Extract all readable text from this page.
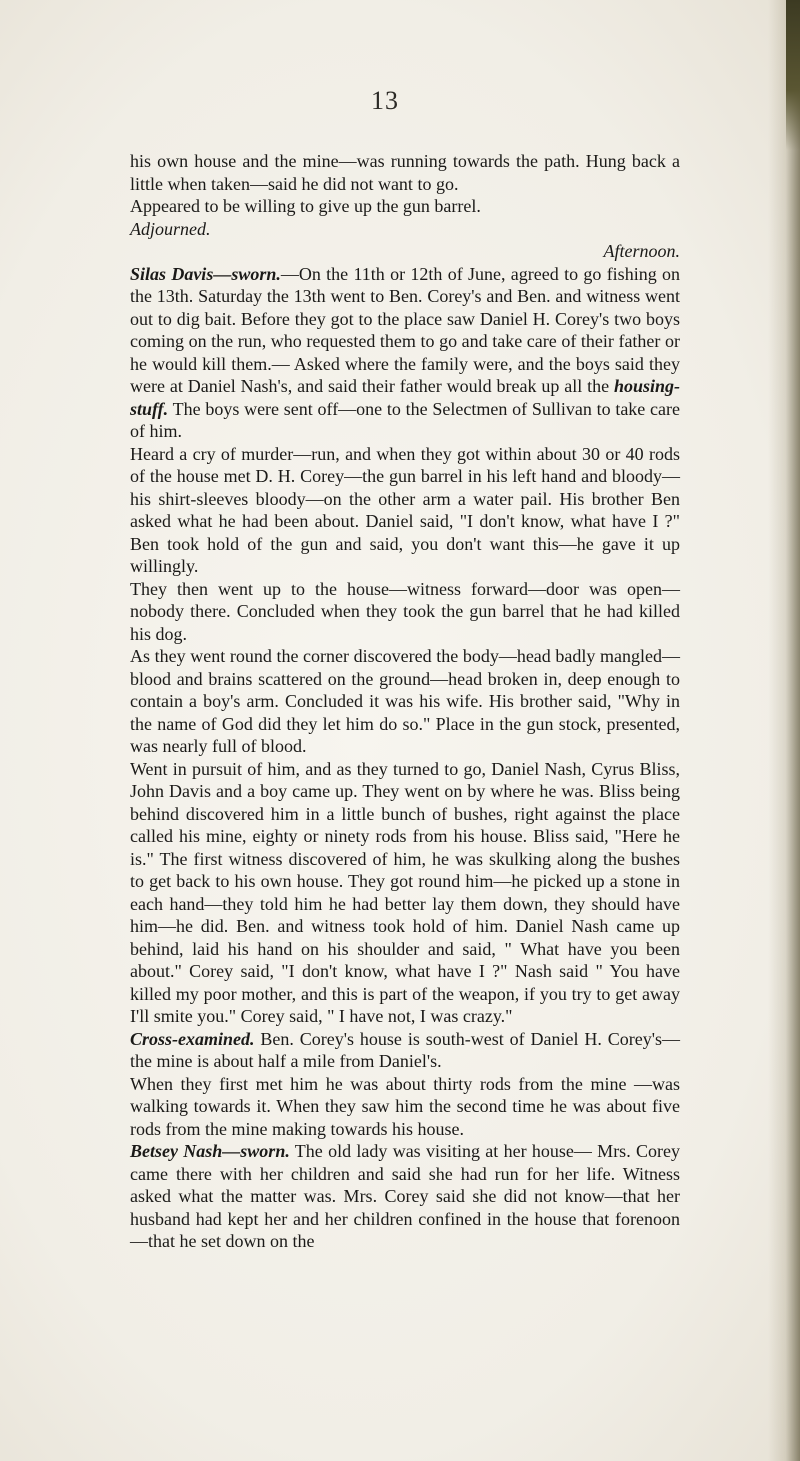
13

his own house and the mine—was running towards the path. Hung back a little when taken—said he did not want to go.

Appeared to be willing to give up the gun barrel.

Adjourned.

Afternoon.

Silas Davis—sworn.—On the 11th or 12th of June, agreed to go fishing on the 13th. Saturday the 13th went to Ben. Corey's and Ben. and witness went out to dig bait. Before they got to the place saw Daniel H. Corey's two boys coming on the run, who requested them to go and take care of their father or he would kill them.— Asked where the family were, and the boys said they were at Daniel Nash's, and said their father would break up all the housing-stuff. The boys were sent off—one to the Selectmen of Sullivan to take care of him.

Heard a cry of murder—run, and when they got within about 30 or 40 rods of the house met D. H. Corey—the gun barrel in his left hand and bloody—his shirt-sleeves bloody—on the other arm a water pail. His brother Ben asked what he had been about. Daniel said, "I don't know, what have I ?" Ben took hold of the gun and said, you don't want this—he gave it up willingly.

They then went up to the house—witness forward—door was open—nobody there. Concluded when they took the gun barrel that he had killed his dog.

As they went round the corner discovered the body—head badly mangled—blood and brains scattered on the ground—head broken in, deep enough to contain a boy's arm. Concluded it was his wife. His brother said, "Why in the name of God did they let him do so." Place in the gun stock, presented, was nearly full of blood.

Went in pursuit of him, and as they turned to go, Daniel Nash, Cyrus Bliss, John Davis and a boy came up. They went on by where he was. Bliss being behind discovered him in a little bunch of bushes, right against the place called his mine, eighty or ninety rods from his house. Bliss said, "Here he is." The first witness discovered of him, he was skulking along the bushes to get back to his own house. They got round him—he picked up a stone in each hand—they told him he had better lay them down, they should have him—he did. Ben. and witness took hold of him. Daniel Nash came up behind, laid his hand on his shoulder and said, " What have you been about." Corey said, "I don't know, what have I ?" Nash said " You have killed my poor mother, and this is part of the weapon, if you try to get away I'll smite you." Corey said, " I have not, I was crazy."

Cross-examined. Ben. Corey's house is south-west of Daniel H. Corey's—the mine is about half a mile from Daniel's.

When they first met him he was about thirty rods from the mine —was walking towards it. When they saw him the second time he was about five rods from the mine making towards his house.

Betsey Nash—sworn. The old lady was visiting at her house— Mrs. Corey came there with her children and said she had run for her life. Witness asked what the matter was. Mrs. Corey said she did not know—that her husband had kept her and her children confined in the house that forenoon—that he set down on the
